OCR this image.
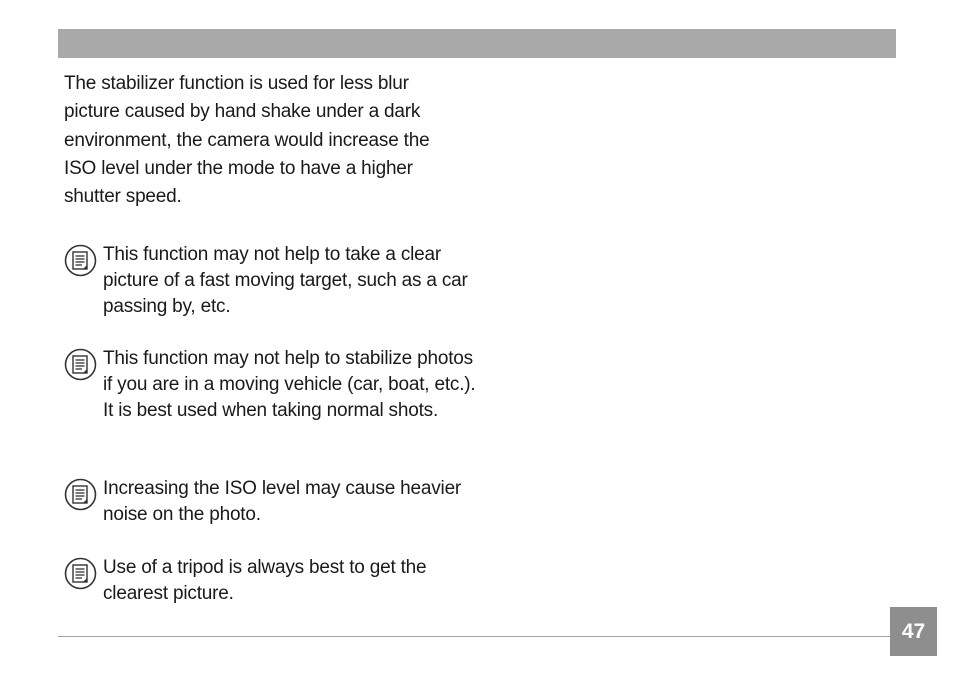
The stabilizer function is used for less blur picture caused by hand shake under a dark environment, the camera would increase the ISO level under the mode to have a higher shutter speed.

This function may not help to take a clear picture of a fast moving target, such as a car passing by, etc.

This function may not help to stabilize photos if you are in a moving vehicle (car, boat, etc.). It is best used when taking normal shots.

Increasing the ISO level may cause heavier noise on the photo.

Use of a tripod is always best to get the clearest picture.

47
